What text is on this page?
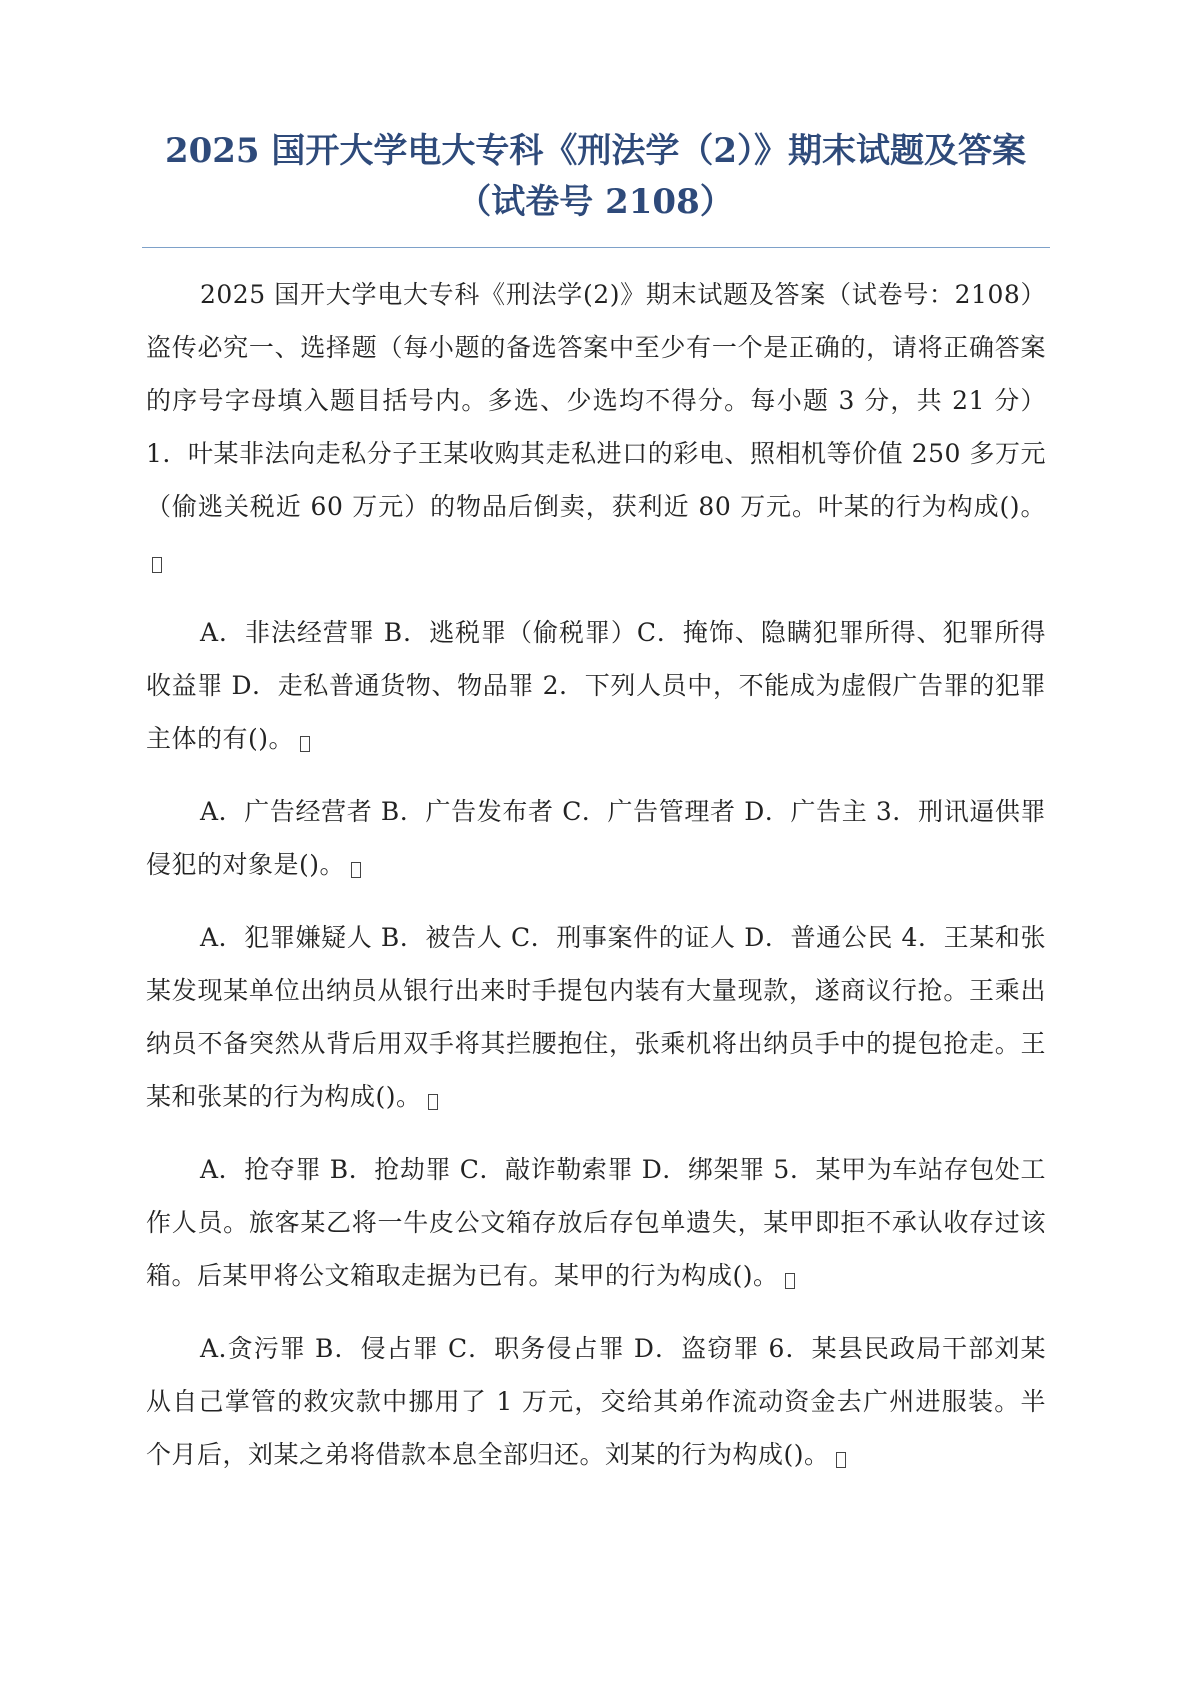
2025 国开大学电大专科《刑法学（2）》期末试题及答案
（试卷号 2108）

2025 国开大学电大专科《刑法学(2)》期末试题及答案（试卷号：2108）盗传必究一、选择题（每小题的备选答案中至少有一个是正确的，请将正确答案的序号字母填入题目括号内。多选、少选均不得分。每小题 3 分，共 21 分）1．叶某非法向走私分子王某收购其走私进口的彩电、照相机等价值 250 多万元（偷逃关税近 60 万元）的物品后倒卖，获利近 80 万元。叶某的行为构成()。

A．非法经营罪 B．逃税罪（偷税罪）C．掩饰、隐瞒犯罪所得、犯罪所得收益罪 D．走私普通货物、物品罪 2．下列人员中，不能成为虚假广告罪的犯罪主体的有()。

A．广告经营者 B．广告发布者 C．广告管理者 D．广告主 3．刑讯逼供罪侵犯的对象是()。

A．犯罪嫌疑人 B．被告人 C．刑事案件的证人 D．普通公民 4．王某和张某发现某单位出纳员从银行出来时手提包内装有大量现款，遂商议行抢。王乘出纳员不备突然从背后用双手将其拦腰抱住，张乘机将出纳员手中的提包抢走。王某和张某的行为构成()。

A．抢夺罪 B．抢劫罪 C．敲诈勒索罪 D．绑架罪 5．某甲为车站存包处工作人员。旅客某乙将一牛皮公文箱存放后存包单遗失，某甲即拒不承认收存过该箱。后某甲将公文箱取走据为已有。某甲的行为构成()。

A.贪污罪 B．侵占罪 C．职务侵占罪 D．盗窃罪 6．某县民政局干部刘某从自己掌管的救灾款中挪用了 1 万元，交给其弟作流动资金去广州进服装。半个月后，刘某之弟将借款本息全部归还。刘某的行为构成()。
